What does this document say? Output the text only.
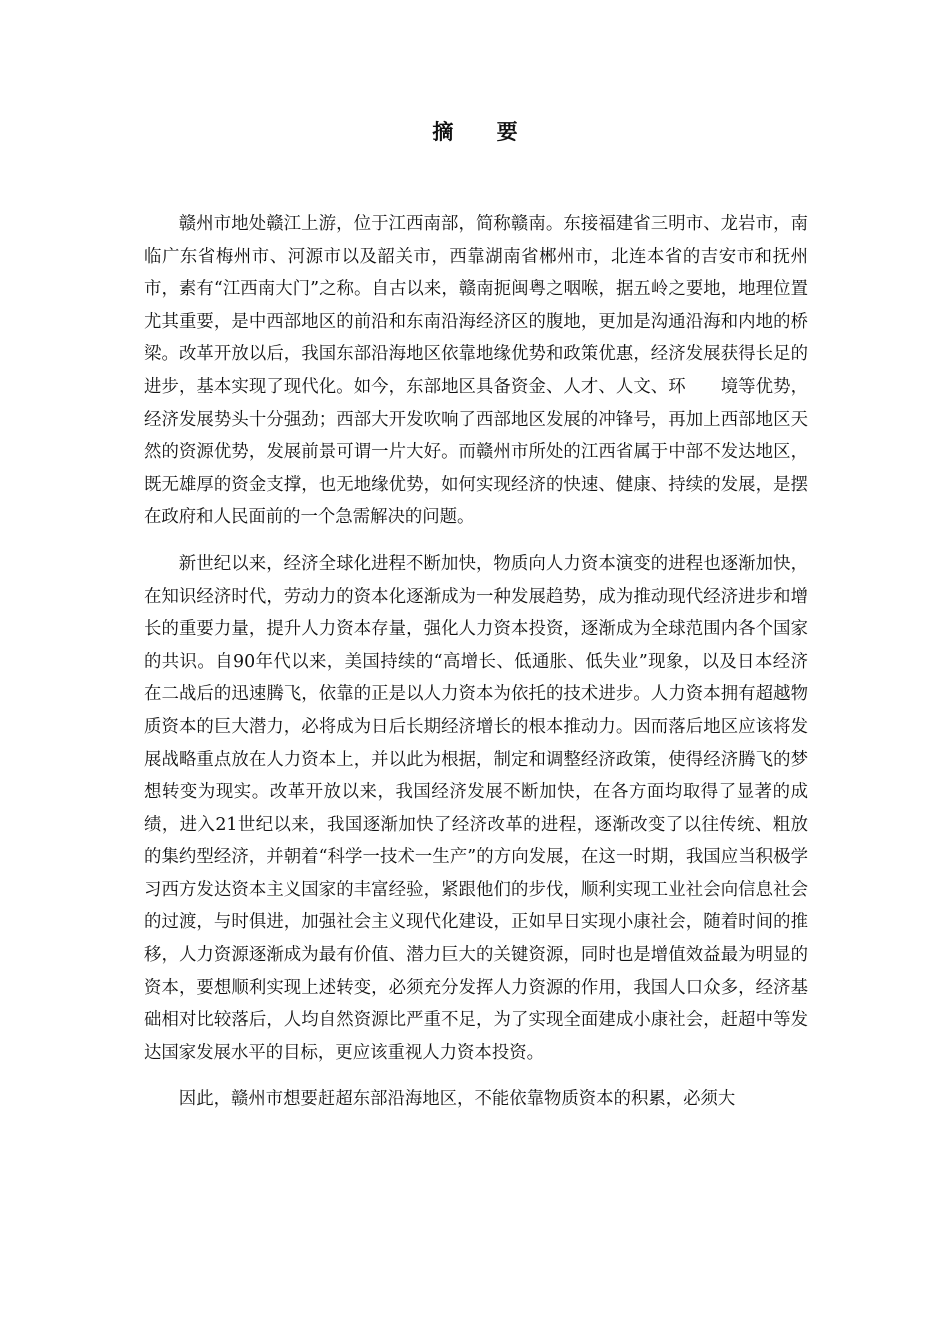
摘 要

赣州市地处赣江上游，位于江西南部，简称赣南。东接福建省三明市、龙岩市，南临广东省梅州市、河源市以及韶关市，西靠湖南省郴州市，北连本省的吉安市和抚州市，素有“江西南大门”之称。自古以来，赣南扼闽粤之咽喉，据五岭之要地，地理位置尤其重要，是中西部地区的前沿和东南沿海经济区的腹地，更加是沟通沿海和内地的桥梁。改革开放以后，我国东部沿海地区依靠地缘优势和政策优惠，经济发展获得长足的进步，基本实现了现代化。如今，东部地区具备资金、人才、人文、环　　境等优势，经济发展势头十分强劲；西部大开发吹响了西部地区发展的冲锋号，再加上西部地区天然的资源优势，发展前景可谓一片大好。而赣州市所处的江西省属于中部不发达地区，既无雄厚的资金支撑，也无地缘优势，如何实现经济的快速、健康、持续的发展，是摆在政府和人民面前的一个急需解决的问题。

新世纪以来，经济全球化进程不断加快，物质向人力资本演变的进程也逐渐加快，在知识经济时代，劳动力的资本化逐渐成为一种发展趋势，成为推动现代经济进步和增长的重要力量，提升人力资本存量，强化人力资本投资，逐渐成为全球范围内各个国家的共识。自90年代以来，美国持续的“高增长、低通胀、低失业”现象，以及日本经济在二战后的迅速腾飞，依靠的正是以人力资本为依托的技术进步。人力资本拥有超越物质资本的巨大潜力，必将成为日后长期经济增长的根本推动力。因而落后地区应该将发展战略重点放在人力资本上，并以此为根据，制定和调整经济政策，使得经济腾飞的梦想转变为现实。改革开放以来，我国经济发展不断加快，在各方面均取得了显著的成绩，进入21世纪以来，我国逐渐加快了经济改革的进程，逐渐改变了以往传统、粗放的集约型经济，并朝着“科学一技术一生产”的方向发展，在这一时期，我国应当积极学习西方发达资本主义国家的丰富经验，紧跟他们的步伐，顺利实现工业社会向信息社会的过渡，与时俱进，加强社会主义现代化建设，正如早日实现小康社会，随着时间的推移，人力资源逐渐成为最有价值、潜力巨大的关键资源，同时也是增值效益最为明显的资本，要想顺利实现上述转变，必须充分发挥人力资源的作用，我国人口众多，经济基础相对比较落后，人均自然资源比严重不足，为了实现全面建成小康社会，赶超中等发达国家发展水平的目标，更应该重视人力资本投资。

因此，赣州市想要赶超东部沿海地区，不能依靠物质资本的积累，必须大
